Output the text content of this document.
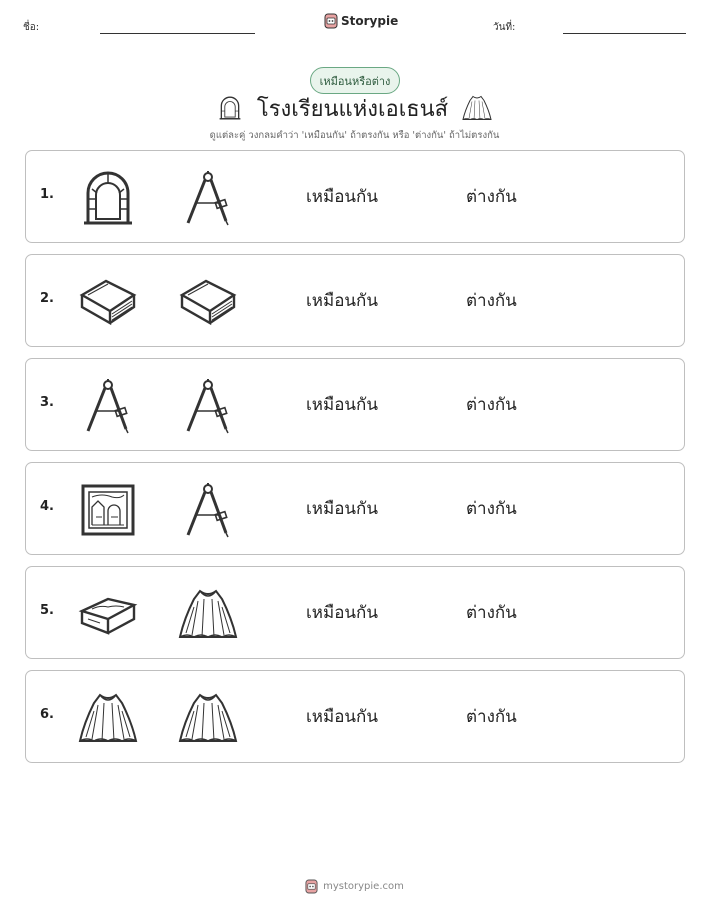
ชื่อ:	Storypie	วันที่:
เหมือนหรือต่าง
โรงเรียนแห่งเอเธนส์
ดูแต่ละคู่ วงกลมคำว่า 'เหมือนกัน' ถ้าตรงกัน หรือ 'ต่างกัน' ถ้าไม่ตรงกัน
1.	เหมือนกัน	ต่างกัน
2.	เหมือนกัน	ต่างกัน
3.	เหมือนกัน	ต่างกัน
4.	เหมือนกัน	ต่างกัน
5.	เหมือนกัน	ต่างกัน
6.	เหมือนกัน	ต่างกัน
mystorypie.com
